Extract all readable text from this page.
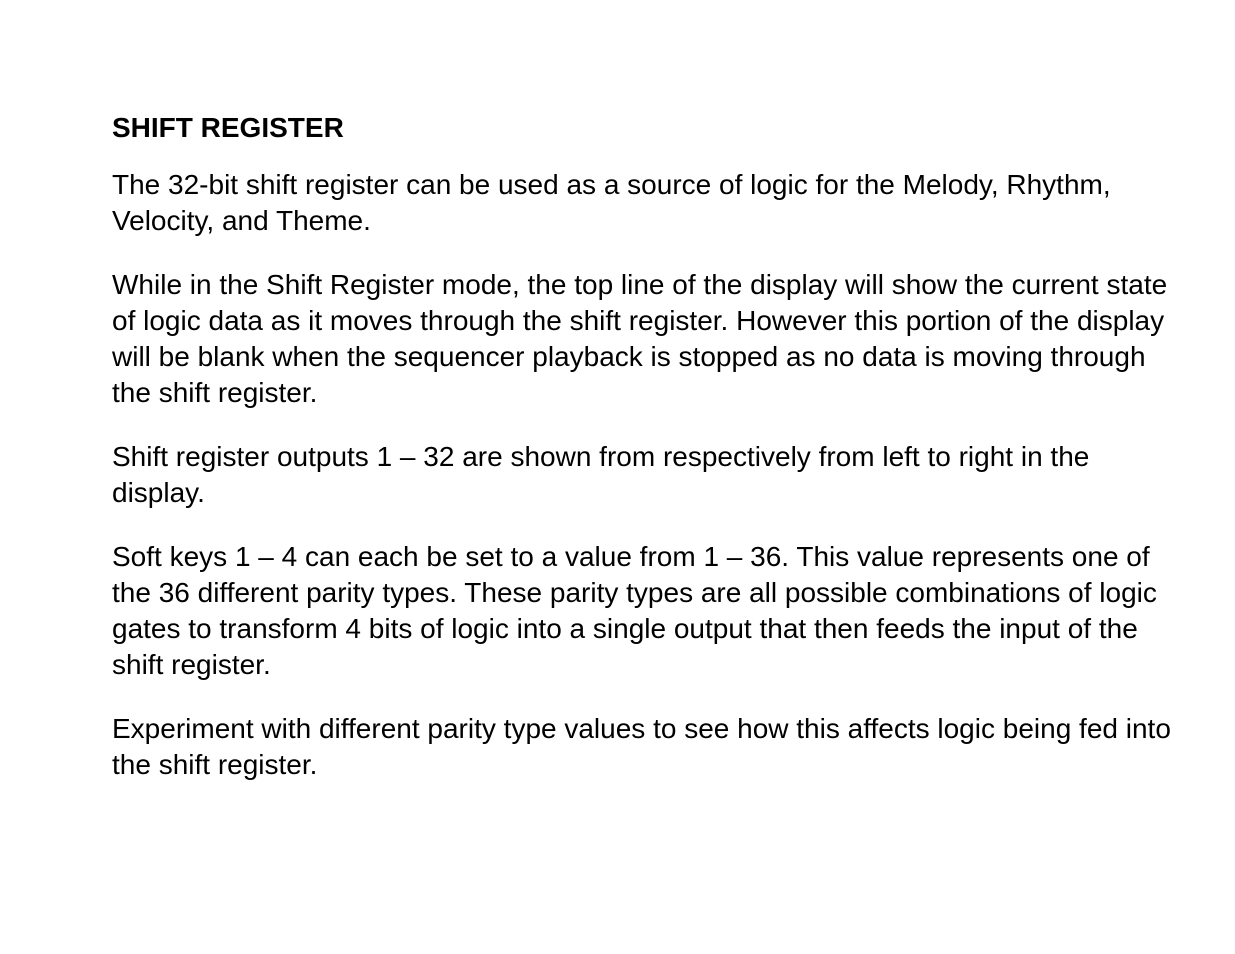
SHIFT REGISTER

The 32-bit shift register can be used as a source of logic for the Melody, Rhythm, Velocity, and Theme.

While in the Shift Register mode, the top line of the display will show the current state of logic data as it moves through the shift register. However this portion of the display will be blank when the sequencer playback is stopped as no data is moving through the shift register.

Shift register outputs 1 – 32 are shown from respectively from left to right in the display.

Soft keys 1 – 4 can each be set to a value from 1 – 36. This value represents one of the 36 different parity types. These parity types are all possible combinations of logic gates to transform 4 bits of logic into a single output that then feeds the input of the shift register.

Experiment with different parity type values to see how this affects logic being fed into the shift register.
